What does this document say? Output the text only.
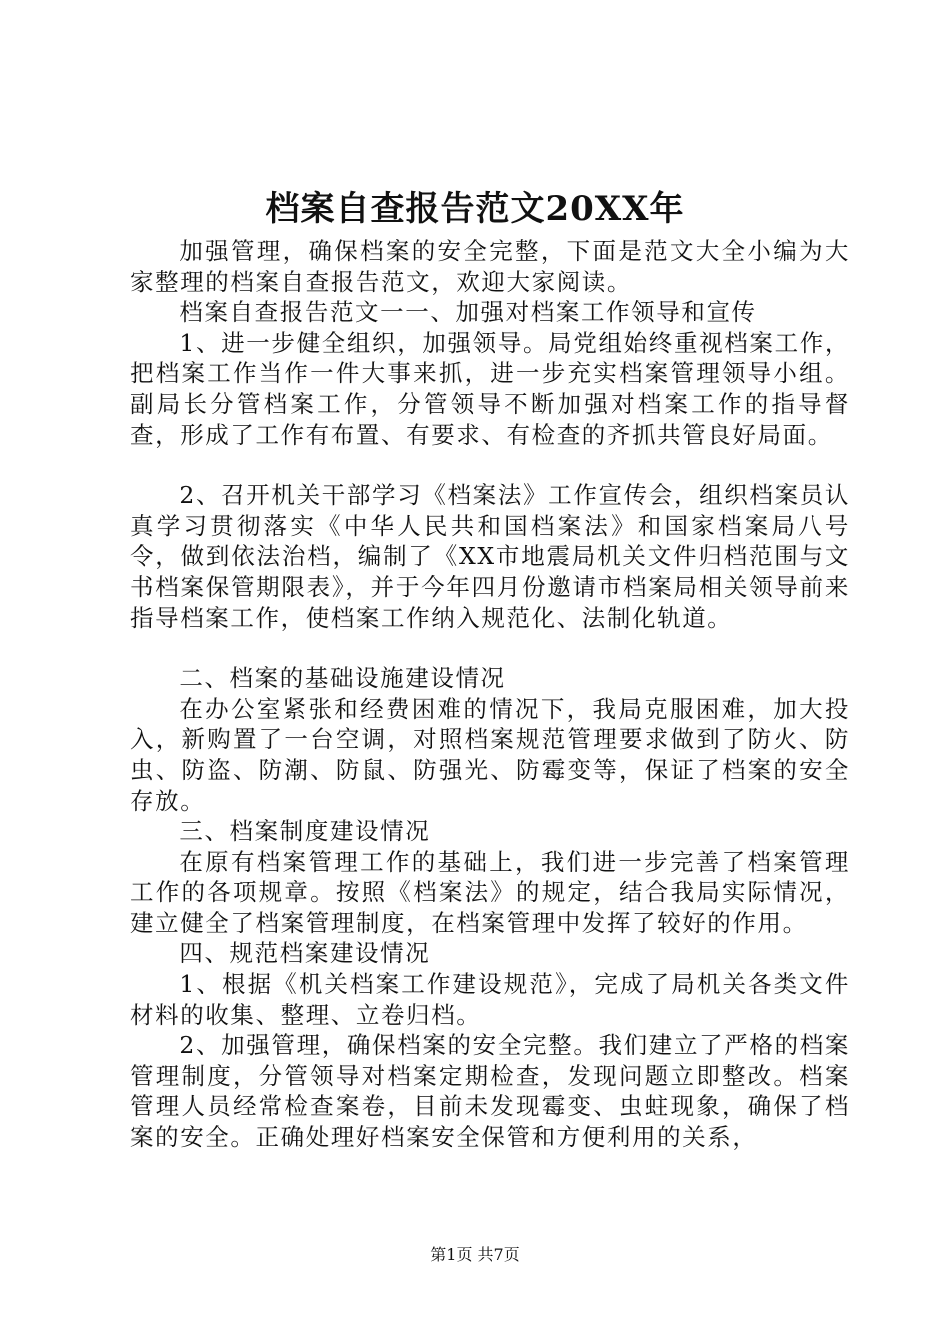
档案自查报告范文20XX年

加强管理，确保档案的安全完整，下面是范文大全小编为大家整理的档案自查报告范文，欢迎大家阅读。

档案自查报告范文一一、加强对档案工作领导和宣传

1、进一步健全组织，加强领导。局党组始终重视档案工作，把档案工作当作一件大事来抓，进一步充实档案管理领导小组。副局长分管档案工作，分管领导不断加强对档案工作的指导督查，形成了工作有布置、有要求、有检查的齐抓共管良好局面。

2、召开机关干部学习《档案法》工作宣传会，组织档案员认真学习贯彻落实《中华人民共和国档案法》和国家档案局八号令，做到依法治档，编制了《XX市地震局机关文件归档范围与文书档案保管期限表》，并于今年四月份邀请市档案局相关领导前来指导档案工作，使档案工作纳入规范化、法制化轨道。

二、档案的基础设施建设情况

在办公室紧张和经费困难的情况下，我局克服困难，加大投入，新购置了一台空调，对照档案规范管理要求做到了防火、防虫、防盗、防潮、防鼠、防强光、防霉变等，保证了档案的安全存放。

三、档案制度建设情况

在原有档案管理工作的基础上，我们进一步完善了档案管理工作的各项规章。按照《档案法》的规定，结合我局实际情况，建立健全了档案管理制度，在档案管理中发挥了较好的作用。

四、规范档案建设情况

1、根据《机关档案工作建设规范》，完成了局机关各类文件材料的收集、整理、立卷归档。

2、加强管理，确保档案的安全完整。我们建立了严格的档案管理制度，分管领导对档案定期检查，发现问题立即整改。档案管理人员经常检查案卷，目前未发现霉变、虫蛀现象，确保了档案的安全。正确处理好档案安全保管和方便利用的关系，

第1页 共7页
